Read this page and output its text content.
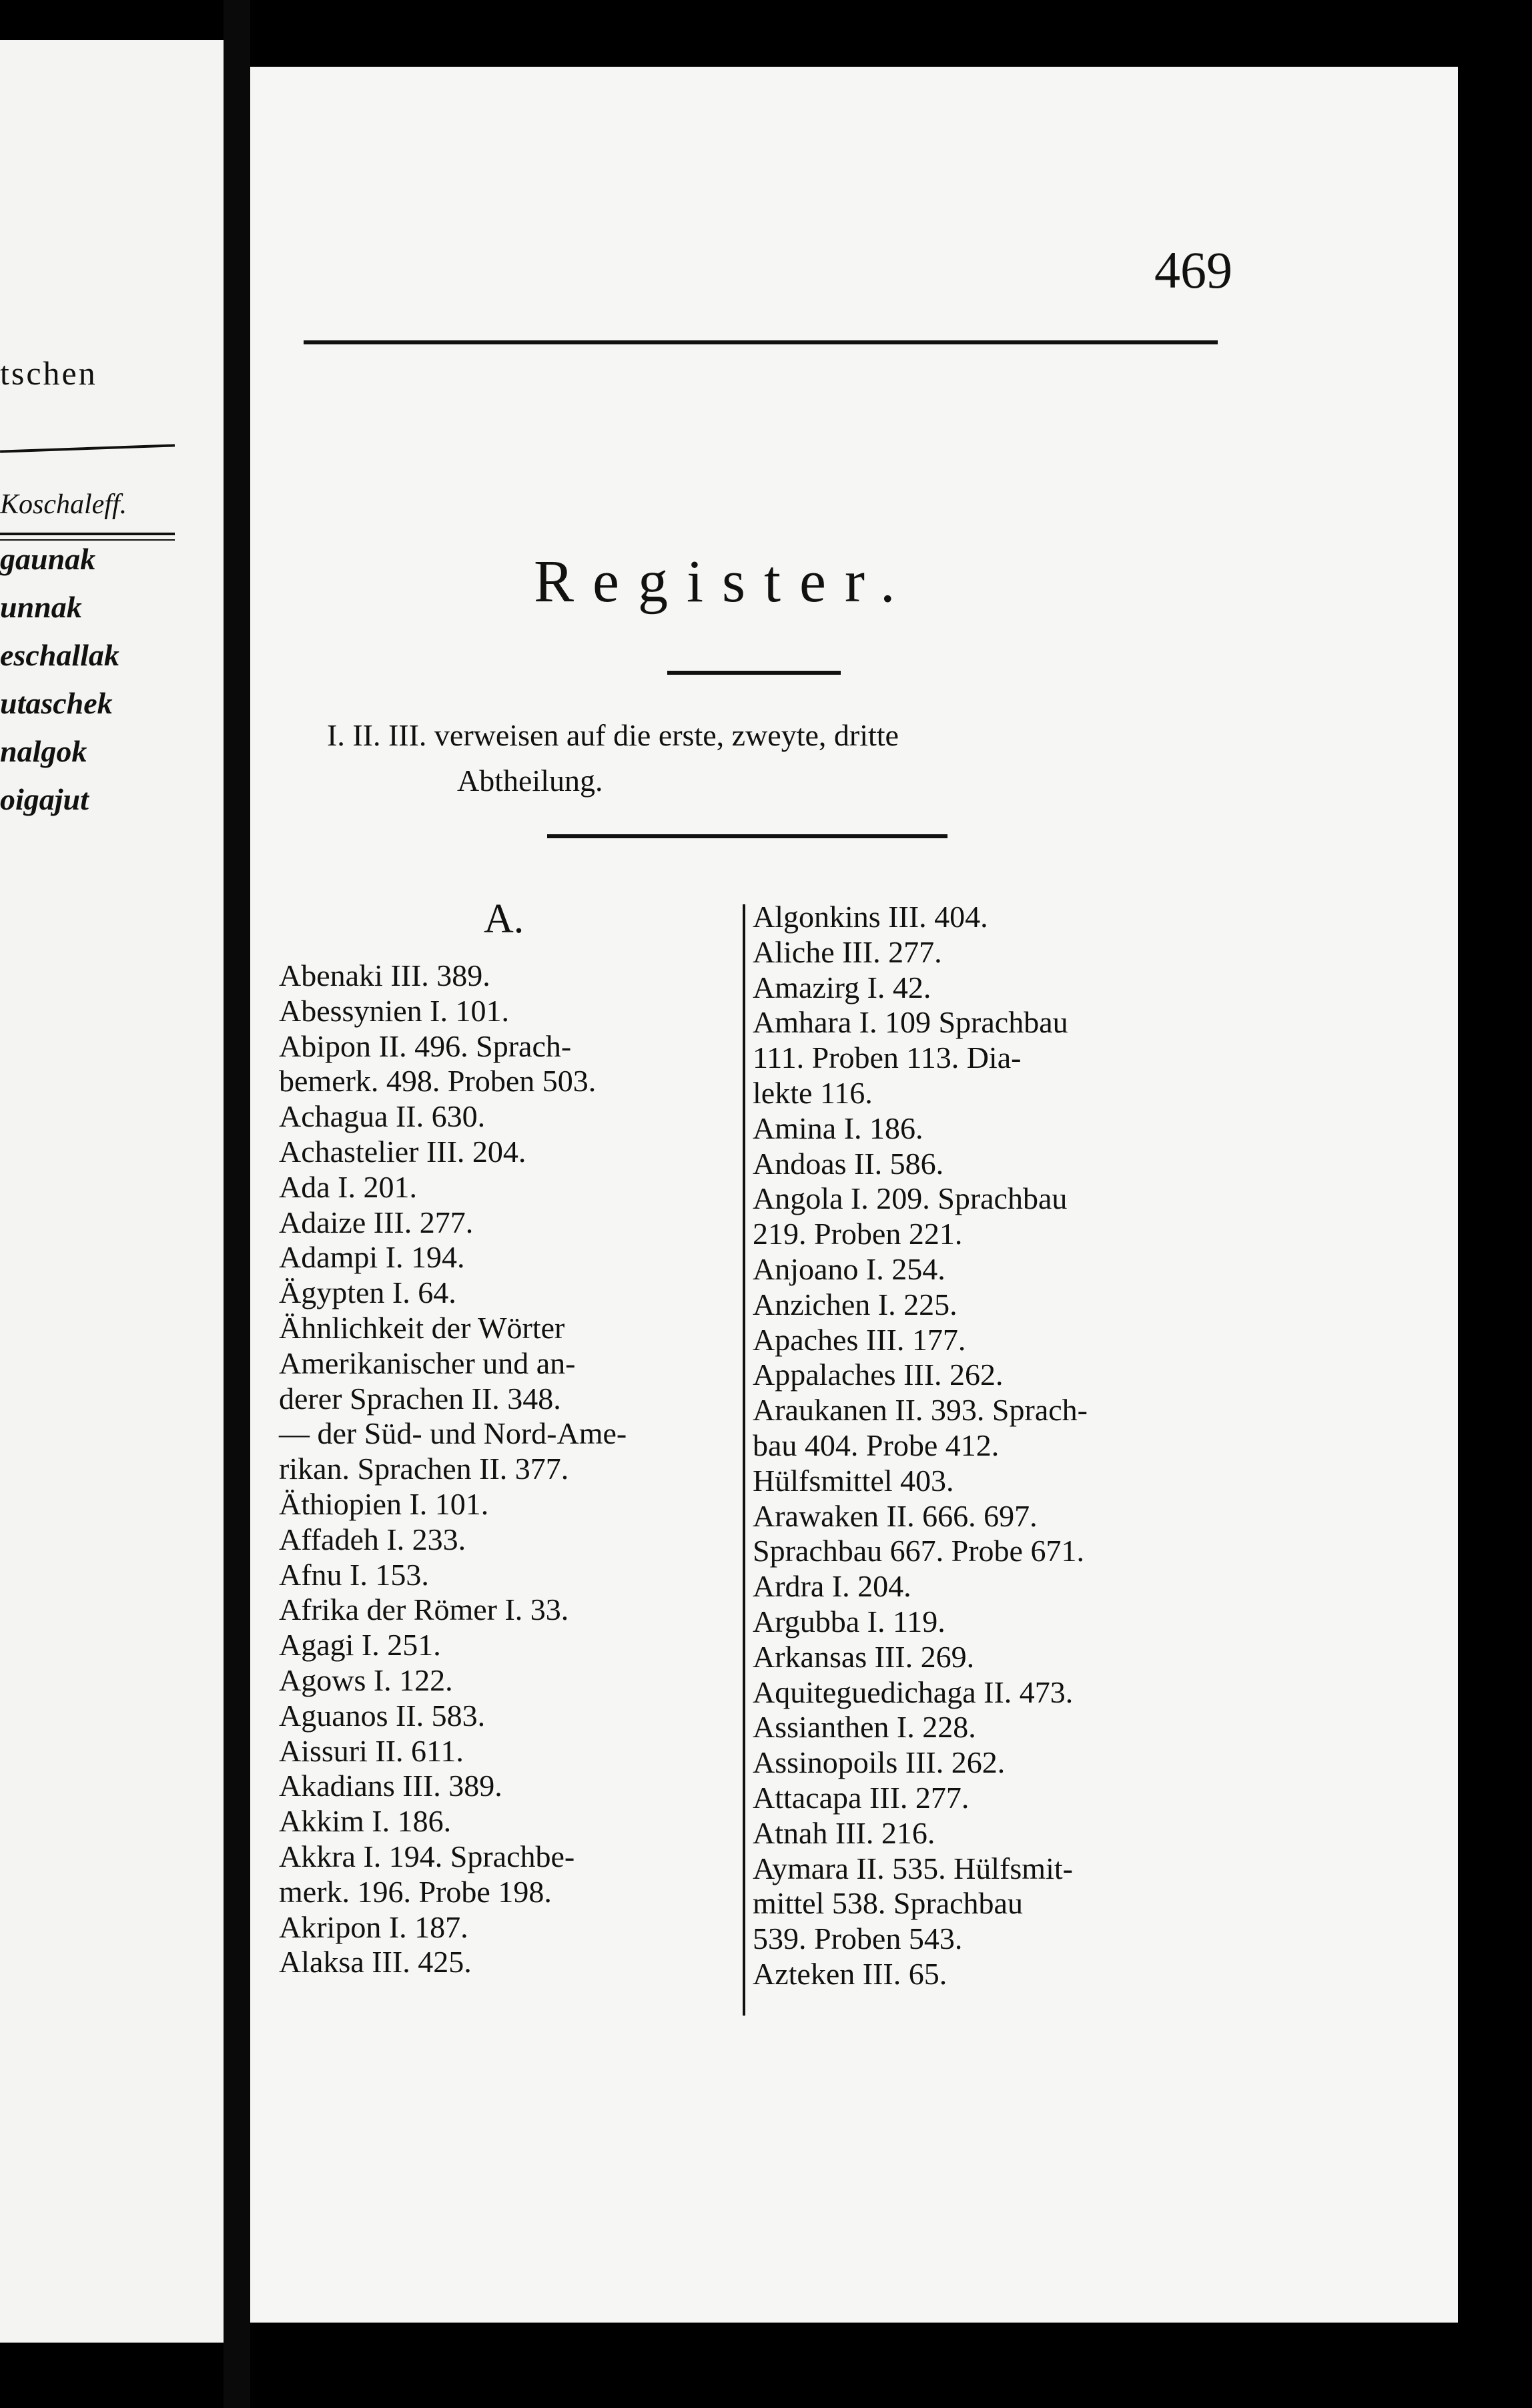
tschen
Koschaleff.
gaunak
unnak
eschallak
utaschek
nalgok
oigajut
469
Register.
I. II. III. verweisen auf die erste, zweyte, dritte
Abtheilung.
A.
Abenaki III. 389.
Abessynien I. 101.
Abipon II. 496. Sprach-
bemerk. 498. Proben 503.
Achagua II. 630.
Achastelier III. 204.
Ada I. 201.
Adaize III. 277.
Adampi I. 194.
Ägypten I. 64.
Ähnlichkeit der Wörter
Amerikanischer und an-
derer Sprachen II. 348.
— der Süd- und Nord-Ame-
rikan. Sprachen II. 377.
Äthiopien I. 101.
Affadeh I. 233.
Afnu I. 153.
Afrika der Römer I. 33.
Agagi I. 251.
Agows I. 122.
Aguanos II. 583.
Aissuri II. 611.
Akadians III. 389.
Akkim I. 186.
Akkra I. 194. Sprachbe-
merk. 196. Probe 198.
Akripon I. 187.
Alaksa III. 425.
Algonkins III. 404.
Aliche III. 277.
Amazirg I. 42.
Amhara I. 109 Sprachbau
111. Proben 113. Dia-
lekte 116.
Amina I. 186.
Andoas II. 586.
Angola I. 209. Sprachbau
219. Proben 221.
Anjoano I. 254.
Anzichen I. 225.
Apaches III. 177.
Appalaches III. 262.
Araukanen II. 393. Sprach-
bau 404. Probe 412.
Hülfsmittel 403.
Arawaken II. 666. 697.
Sprachbau 667. Probe 671.
Ardra I. 204.
Argubba I. 119.
Arkansas III. 269.
Aquiteguedichaga II. 473.
Assianthen I. 228.
Assinopoils III. 262.
Attacapa III. 277.
Atnah III. 216.
Aymara II. 535. Hülfsmit-
mittel 538. Sprachbau
539. Proben 543.
Azteken III. 65.
